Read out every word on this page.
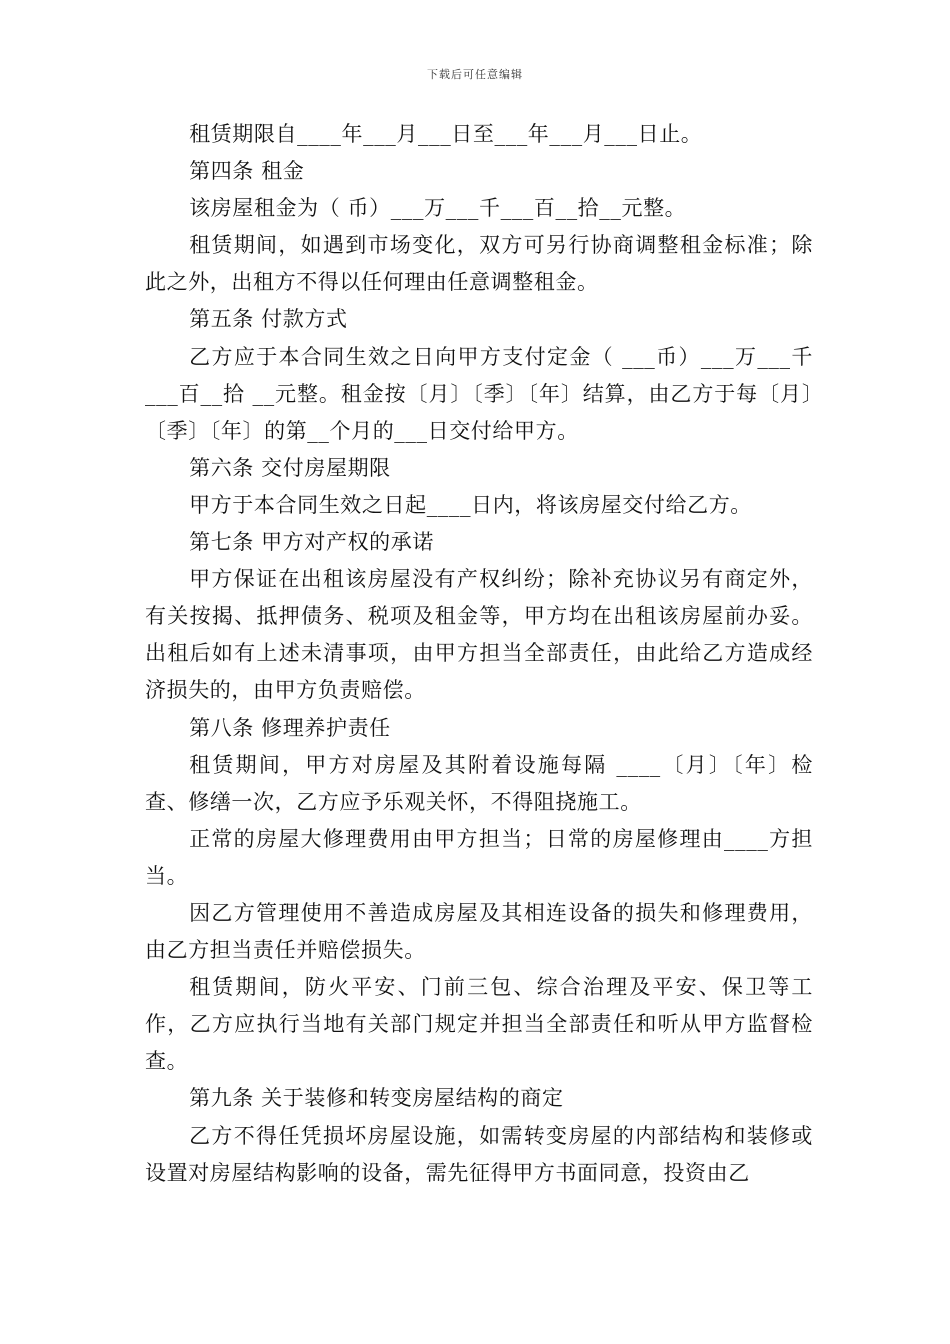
下载后可任意编辑

租赁期限自____年___月___日至___年___月___日止。

第四条 租金

该房屋租金为（ 币）___万___千___百__拾__元整。

租赁期间，如遇到市场变化，双方可另行协商调整租金标准；除此之外，出租方不得以任何理由任意调整租金。

第五条 付款方式

乙方应于本合同生效之日向甲方支付定金（ ___币）___万___千___百__拾 __元整。租金按〔月〕〔季〕〔年〕结算，由乙方于每〔月〕〔季〕〔年〕的第__个月的___日交付给甲方。

第六条 交付房屋期限

甲方于本合同生效之日起____日内，将该房屋交付给乙方。

第七条 甲方对产权的承诺

甲方保证在出租该房屋没有产权纠纷；除补充协议另有商定外，有关按揭、抵押债务、税项及租金等，甲方均在出租该房屋前办妥。出租后如有上述未清事项，由甲方担当全部责任，由此给乙方造成经济损失的，由甲方负责赔偿。

第八条 修理养护责任

租赁期间，甲方对房屋及其附着设施每隔 ____〔月〕〔年〕检查、修缮一次，乙方应予乐观关怀，不得阻挠施工。

正常的房屋大修理费用由甲方担当；日常的房屋修理由____方担当。

因乙方管理使用不善造成房屋及其相连设备的损失和修理费用，由乙方担当责任并赔偿损失。

租赁期间，防火平安、门前三包、综合治理及平安、保卫等工作，乙方应执行当地有关部门规定并担当全部责任和听从甲方监督检查。

第九条 关于装修和转变房屋结构的商定

乙方不得任凭损坏房屋设施，如需转变房屋的内部结构和装修或设置对房屋结构影响的设备，需先征得甲方书面同意，投资由乙
